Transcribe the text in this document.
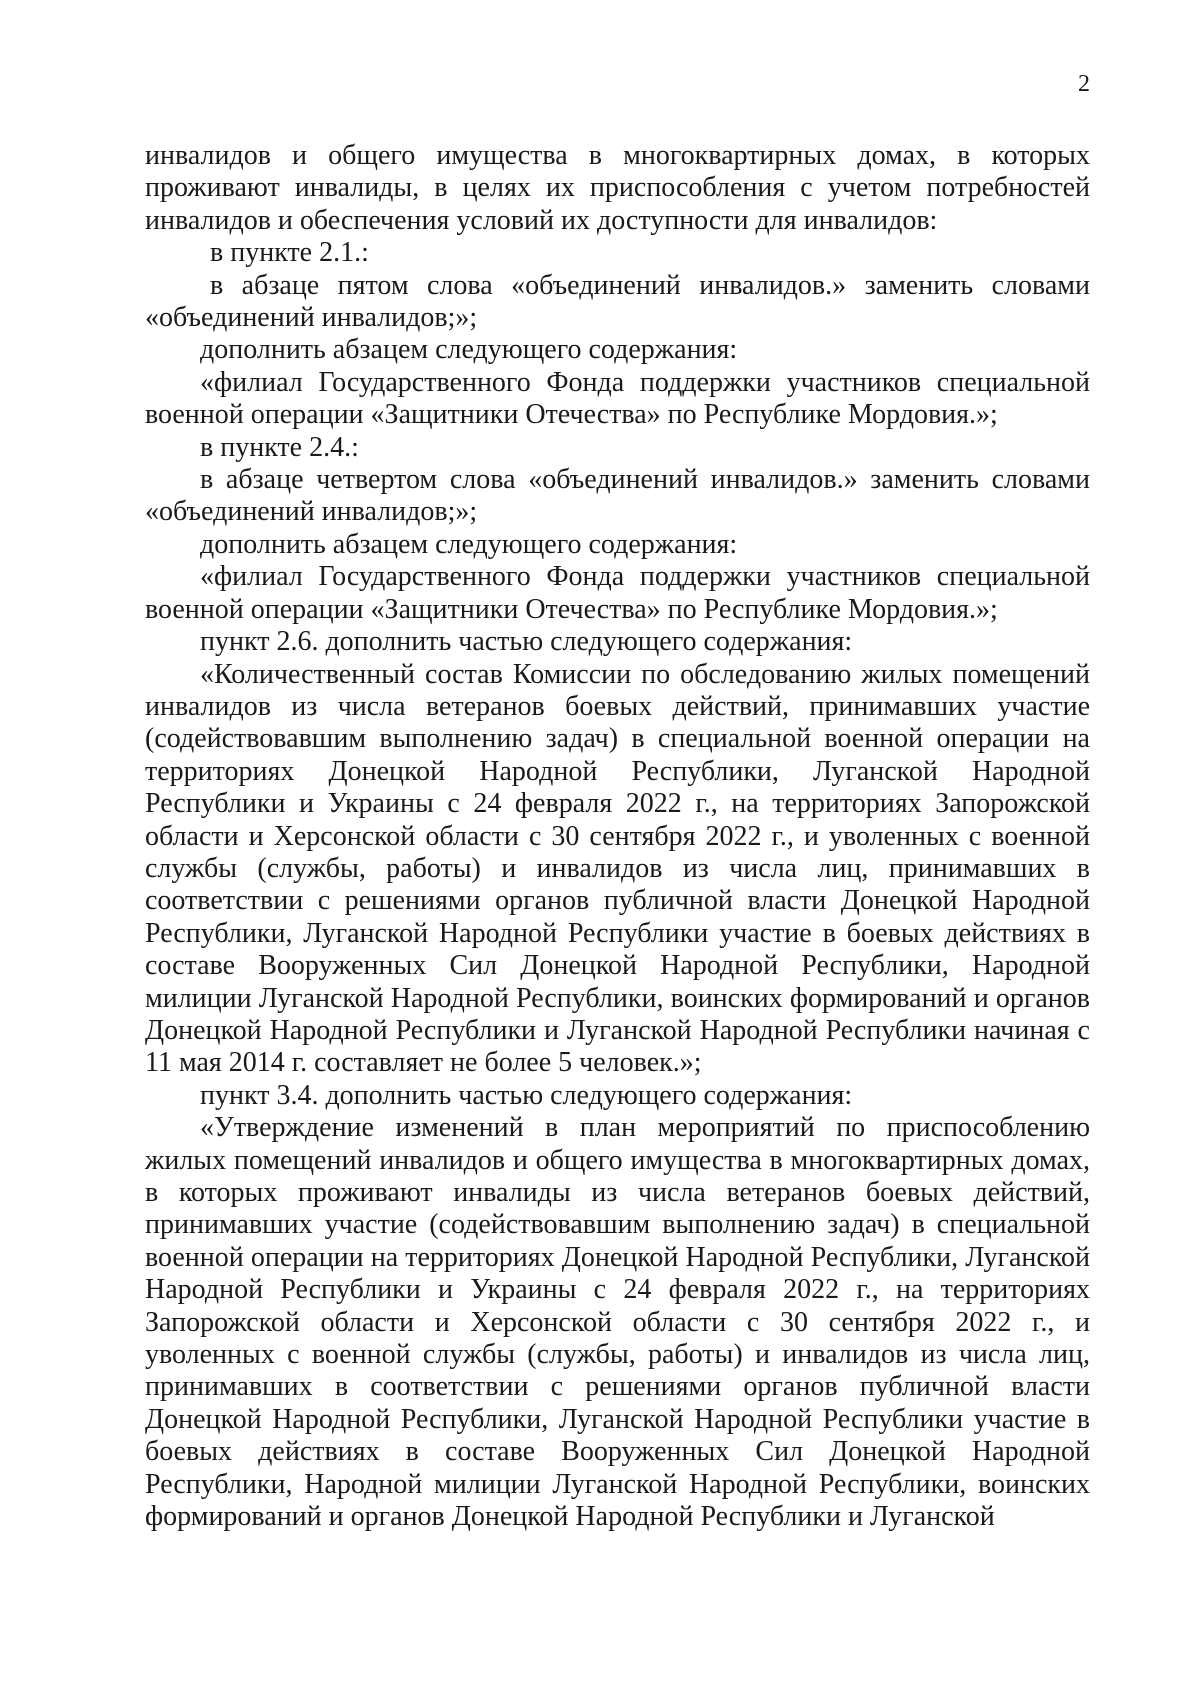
2

инвалидов и общего имущества в многоквартирных домах, в которых проживают инвалиды, в целях их приспособления с учетом потребностей инвалидов и обеспечения условий их доступности для инвалидов:

в пункте 2.1.:

в абзаце пятом слова «объединений инвалидов.» заменить словами «объединений инвалидов;»;

дополнить абзацем следующего содержания:

«филиал Государственного Фонда поддержки участников специальной военной операции «Защитники Отечества» по Республике Мордовия.»;

в пункте 2.4.:

в абзаце четвертом слова «объединений инвалидов.» заменить словами «объединений инвалидов;»;

дополнить абзацем следующего содержания:

«филиал Государственного Фонда поддержки участников специальной военной операции «Защитники Отечества» по Республике Мордовия.»;

пункт 2.6. дополнить частью следующего содержания:

«Количественный состав Комиссии по обследованию жилых помещений инвалидов из числа ветеранов боевых действий, принимавших участие (содействовавшим выполнению задач) в специальной военной операции на территориях Донецкой Народной Республики, Луганской Народной Республики и Украины с 24 февраля 2022 г., на территориях Запорожской области и Херсонской области с 30 сентября 2022 г., и уволенных с военной службы (службы, работы) и инвалидов из числа лиц, принимавших в соответствии с решениями органов публичной власти Донецкой Народной Республики, Луганской Народной Республики участие в боевых действиях в составе Вооруженных Сил Донецкой Народной Республики, Народной милиции Луганской Народной Республики, воинских формирований и органов Донецкой Народной Республики и Луганской Народной Республики начиная с 11 мая 2014 г. составляет не более 5 человек.»;

пункт 3.4. дополнить частью следующего содержания:

«Утверждение изменений в план мероприятий по приспособлению жилых помещений инвалидов и общего имущества в многоквартирных домах, в которых проживают инвалиды из числа ветеранов боевых действий, принимавших участие (содействовавшим выполнению задач) в специальной военной операции на территориях Донецкой Народной Республики, Луганской Народной Республики и Украины с 24 февраля 2022 г., на территориях Запорожской области и Херсонской области с 30 сентября 2022 г., и уволенных с военной службы (службы, работы) и инвалидов из числа лиц, принимавших в соответствии с решениями органов публичной власти Донецкой Народной Республики, Луганской Народной Республики участие в боевых действиях в составе Вооруженных Сил Донецкой Народной Республики, Народной милиции Луганской Народной Республики, воинских формирований и органов Донецкой Народной Республики и Луганской
